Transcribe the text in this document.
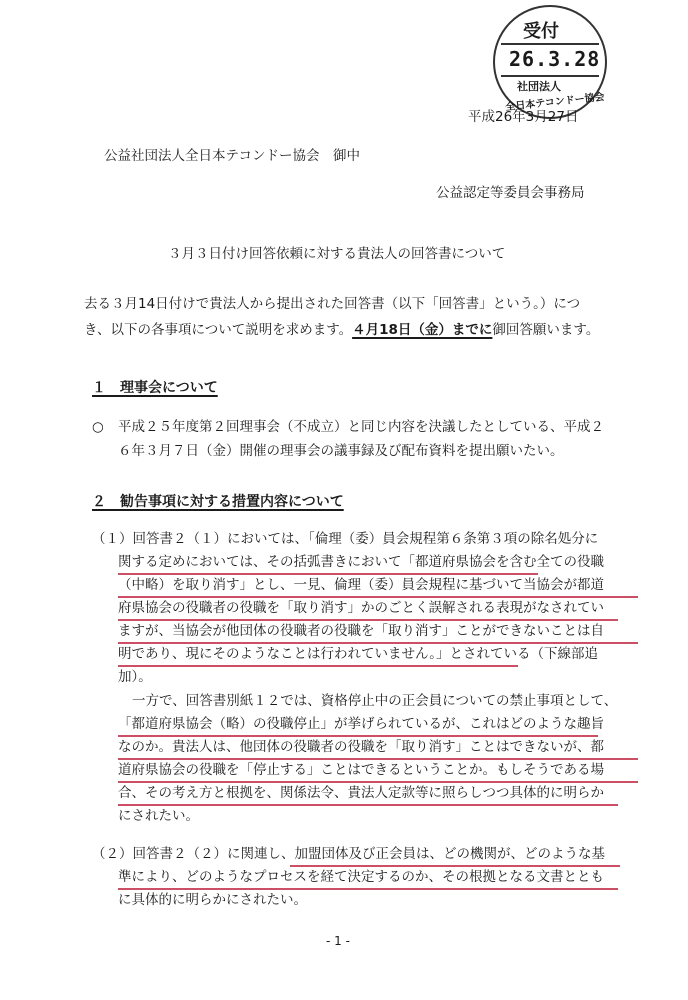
受付
26.3.28
社団法人
全日本テコンドー協会
平成26年3月27日
公益社団法人全日本テコンドー協会　御中
公益認定等委員会事務局
３月３日付け回答依頼に対する貴法人の回答書について
去る３月14日付けで貴法人から提出された回答書（以下「回答書」という。）につ
き、以下の各事項について説明を求めます。４月18日（金）までに御回答願います。
１　理事会について
○ 平成２５年度第２回理事会（不成立）と同じ内容を決議したとしている、平成２
６年３月７日（金）開催の理事会の議事録及び配布資料を提出願いたい。
２　勧告事項に対する措置内容について
（１）回答書２（１）においては、「倫理（委）員会規程第６条第３項の除名処分に
関する定めにおいては、その括弧書きにおいて「都道府県協会を含む全ての役職
（中略）を取り消す」とし、一見、倫理（委）員会規程に基づいて当協会が都道
府県協会の役職者の役職を「取り消す」かのごとく誤解される表現がなされてい
ますが、当協会が他団体の役職者の役職を「取り消す」ことができないことは自
明であり、現にそのようなことは行われていません。」とされている（下線部追
加）。
一方で、回答書別紙１２では、資格停止中の正会員についての禁止事項として、
「都道府県協会（略）の役職停止」が挙げられているが、これはどのような趣旨
なのか。貴法人は、他団体の役職者の役職を「取り消す」ことはできないが、都
道府県協会の役職を「停止する」ことはできるということか。もしそうである場
合、その考え方と根拠を、関係法令、貴法人定款等に照らしつつ具体的に明らか
にされたい。
（２）回答書２（２）に関連し、加盟団体及び正会員は、どの機関が、どのような基
準により、どのようなプロセスを経て決定するのか、その根拠となる文書ととも
に具体的に明らかにされたい。
- 1 -
